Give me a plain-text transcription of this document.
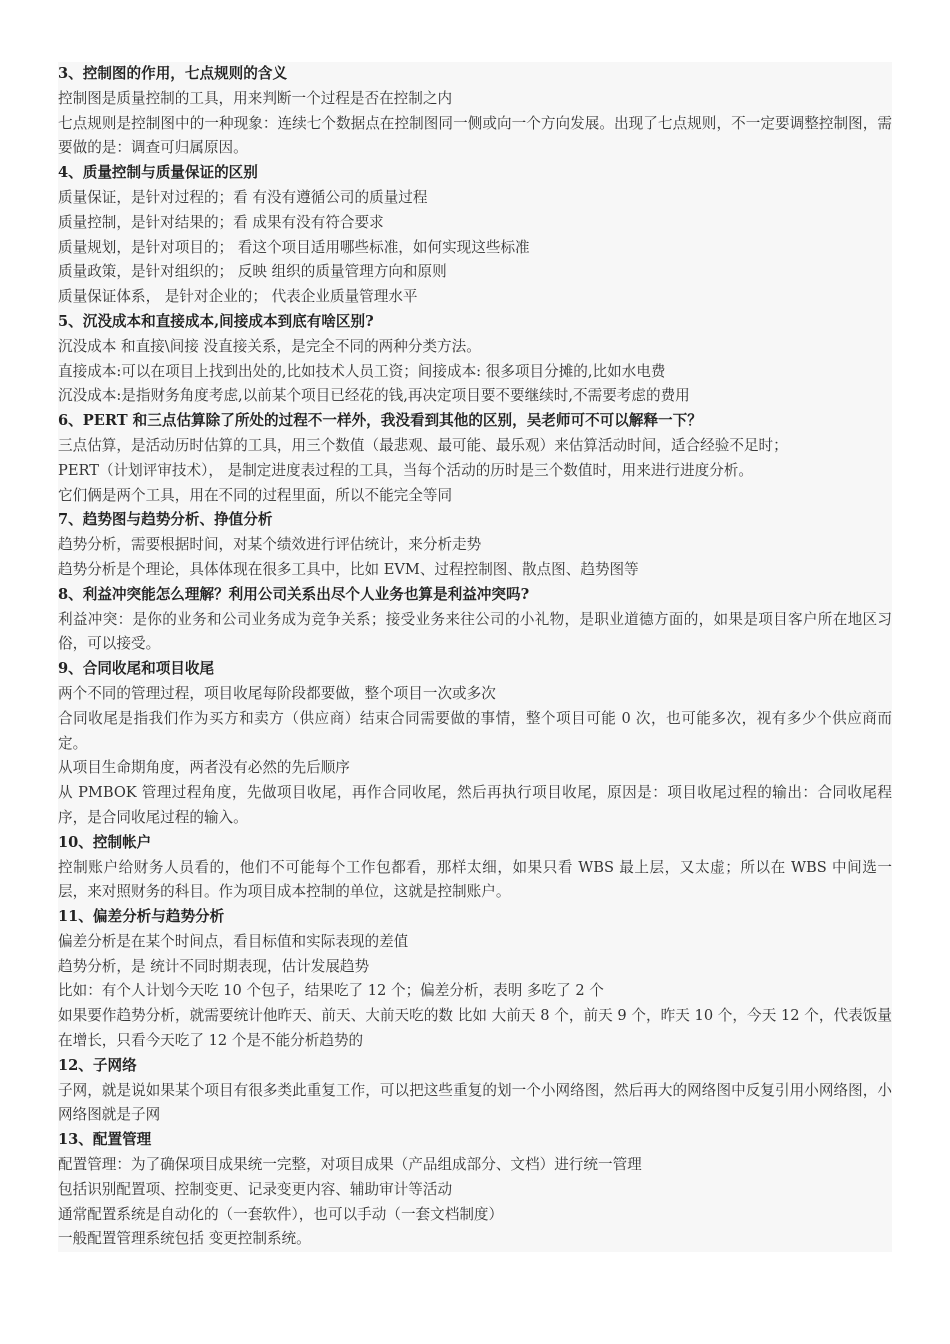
3、控制图的作用，七点规则的含义
控制图是质量控制的工具，用来判断一个过程是否在控制之内
七点规则是控制图中的一种现象：连续七个数据点在控制图同一侧或向一个方向发展。出现了七点规则，不一定要调整控制图，需要做的是：调查可归属原因。
4、质量控制与质量保证的区别
质量保证，是针对过程的；看 有没有遵循公司的质量过程
质量控制，是针对结果的；看 成果有没有符合要求
质量规划，是针对项目的； 看这个项目适用哪些标准，如何实现这些标准
质量政策，是针对组织的； 反映 组织的质量管理方向和原则
质量保证体系， 是针对企业的； 代表企业质量管理水平
5、沉没成本和直接成本,间接成本到底有啥区别?
沉没成本 和直接\间接 没直接关系，是完全不同的两种分类方法。
直接成本:可以在项目上找到出处的,比如技术人员工资；间接成本: 很多项目分摊的,比如水电费
沉没成本:是指财务角度考虑,以前某个项目已经花的钱,再决定项目要不要继续时,不需要考虑的费用
6、PERT 和三点估算除了所处的过程不一样外，我没看到其他的区别，吴老师可不可以解释一下？
三点估算，是活动历时估算的工具，用三个数值（最悲观、最可能、最乐观）来估算活动时间，适合经验不足时；
PERT（计划评审技术）， 是制定进度表过程的工具，当每个活动的历时是三个数值时，用来进行进度分析。
它们俩是两个工具，用在不同的过程里面，所以不能完全等同
7、趋势图与趋势分析、挣值分析
趋势分析，需要根据时间，对某个绩效进行评估统计，来分析走势
趋势分析是个理论，具体体现在很多工具中，比如 EVM、过程控制图、散点图、趋势图等
8、利益冲突能怎么理解？利用公司关系出尽个人业务也算是利益冲突吗?
利益冲突：是你的业务和公司业务成为竞争关系；接受业务来往公司的小礼物，是职业道德方面的，如果是项目客户所在地区习俗，可以接受。
9、合同收尾和项目收尾
两个不同的管理过程，项目收尾每阶段都要做，整个项目一次或多次
合同收尾是指我们作为买方和卖方（供应商）结束合同需要做的事情，整个项目可能 0 次，也可能多次，视有多少个供应商而定。
从项目生命期角度，两者没有必然的先后顺序
从 PMBOK 管理过程角度，先做项目收尾，再作合同收尾，然后再执行项目收尾，原因是：项目收尾过程的输出：合同收尾程序，是合同收尾过程的输入。
10、控制帐户
控制账户给财务人员看的，他们不可能每个工作包都看，那样太细，如果只看 WBS 最上层，又太虚；所以在 WBS 中间选一层，来对照财务的科目。作为项目成本控制的单位，这就是控制账户。
11、偏差分析与趋势分析
偏差分析是在某个时间点，看目标值和实际表现的差值
趋势分析，是 统计不同时期表现，估计发展趋势
比如：有个人计划今天吃 10 个包子，结果吃了 12 个；偏差分析，表明 多吃了 2 个
如果要作趋势分析，就需要统计他昨天、前天、大前天吃的数 比如 大前天 8 个，前天 9 个，昨天 10 个，今天 12 个，代表饭量在增长，只看今天吃了 12 个是不能分析趋势的
12、子网络
子网，就是说如果某个项目有很多类此重复工作，可以把这些重复的划一个小网络图，然后再大的网络图中反复引用小网络图，小网络图就是子网
13、配置管理
配置管理：为了确保项目成果统一完整，对项目成果（产品组成部分、文档）进行统一管理
包括识别配置项、控制变更、记录变更内容、辅助审计等活动
通常配置系统是自动化的（一套软件），也可以手动（一套文档制度）
一般配置管理系统包括 变更控制系统。
